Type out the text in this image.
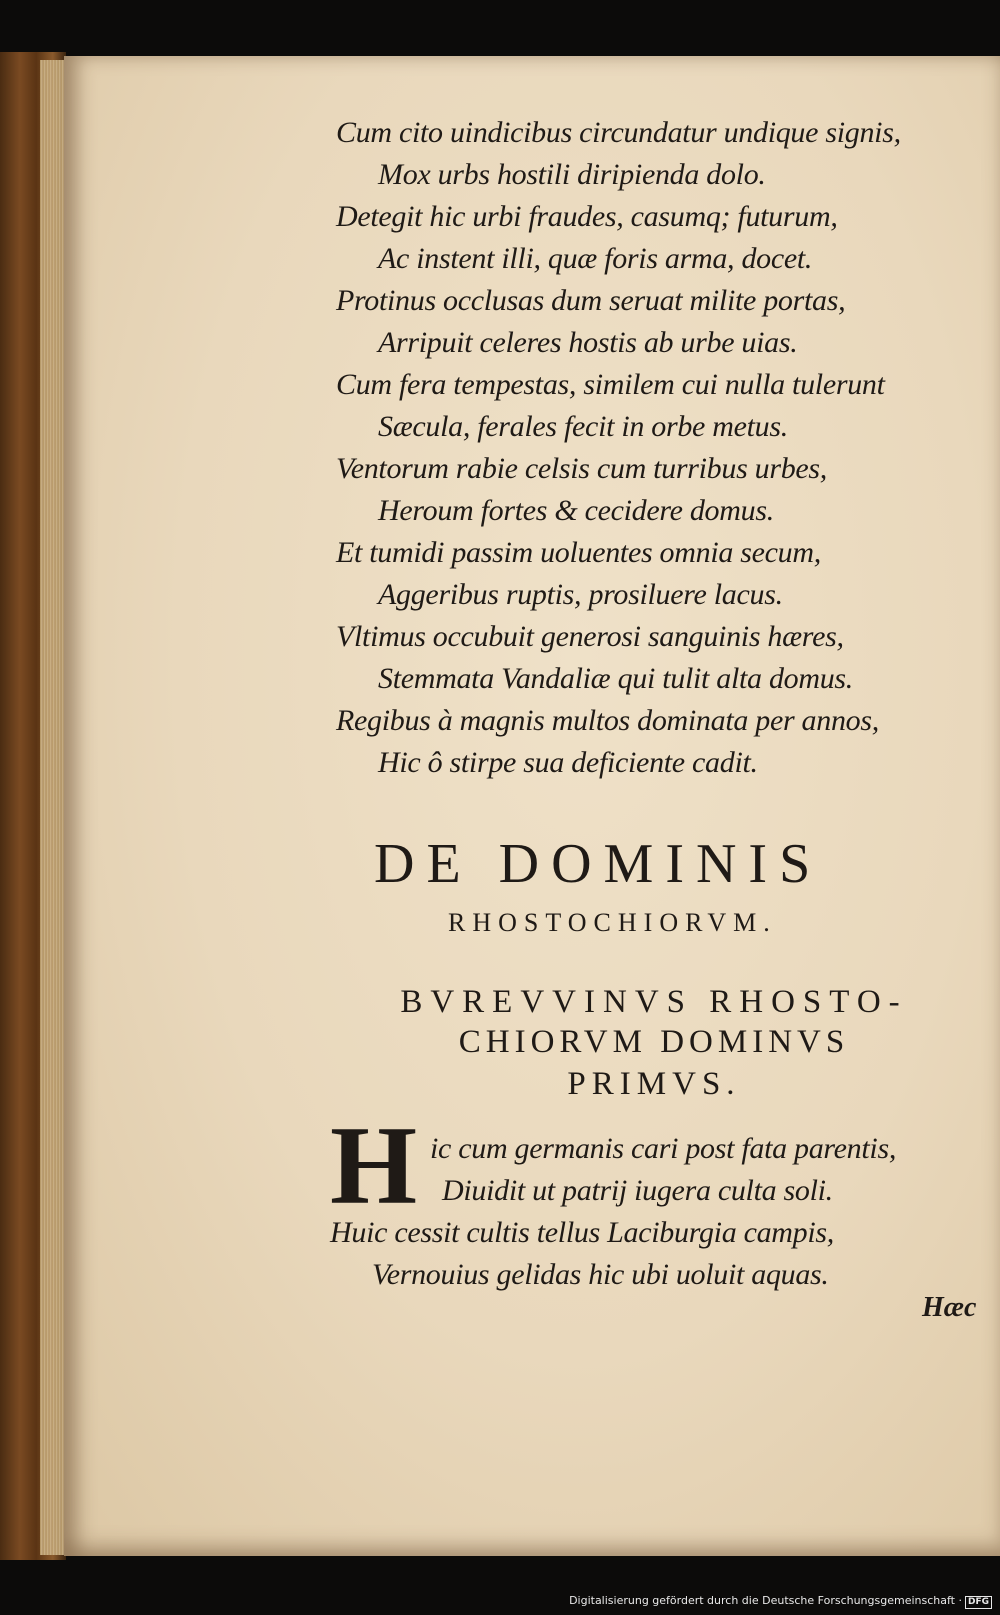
Cum cito uindicibus circundatur undique signis,
Mox urbs hostili diripienda dolo.
Detegit hic urbi fraudes, casumq; futurum,
Ac instent illi, quæ foris arma, docet.
Protinus occlusas dum seruat milite portas,
Arripuit celeres hostis ab urbe uias.
Cum fera tempestas, similem cui nulla tulerunt
Sæcula, ferales fecit in orbe metus.
Ventorum rabie celsis cum turribus urbes,
Heroum fortes & cecidere domus.
Et tumidi passim uoluentes omnia secum,
Aggeribus ruptis, prosiluere lacus.
Vltimus occubuit generosi sanguinis hæres,
Stemmata Vandaliæ qui tulit alta domus.
Regibus à magnis multos dominata per annos,
Hic ô stirpe sua deficiente cadit.
DE DOMINIS
RHOSTOCHIORVM.
BVREVVINVS RHOSTO-
CHIORVM DOMINVS
PRIMVS.
H ic cum germanis cari post fata parentis,
Diuidit ut patrij iugera culta soli.
Huic cessit cultis tellus Laciburgia campis,
Vernouius gelidas hic ubi uoluit aquas.
Hæc
Digitalisierung gefördert durch die Deutsche Forschungsgemeinschaft · DFG
